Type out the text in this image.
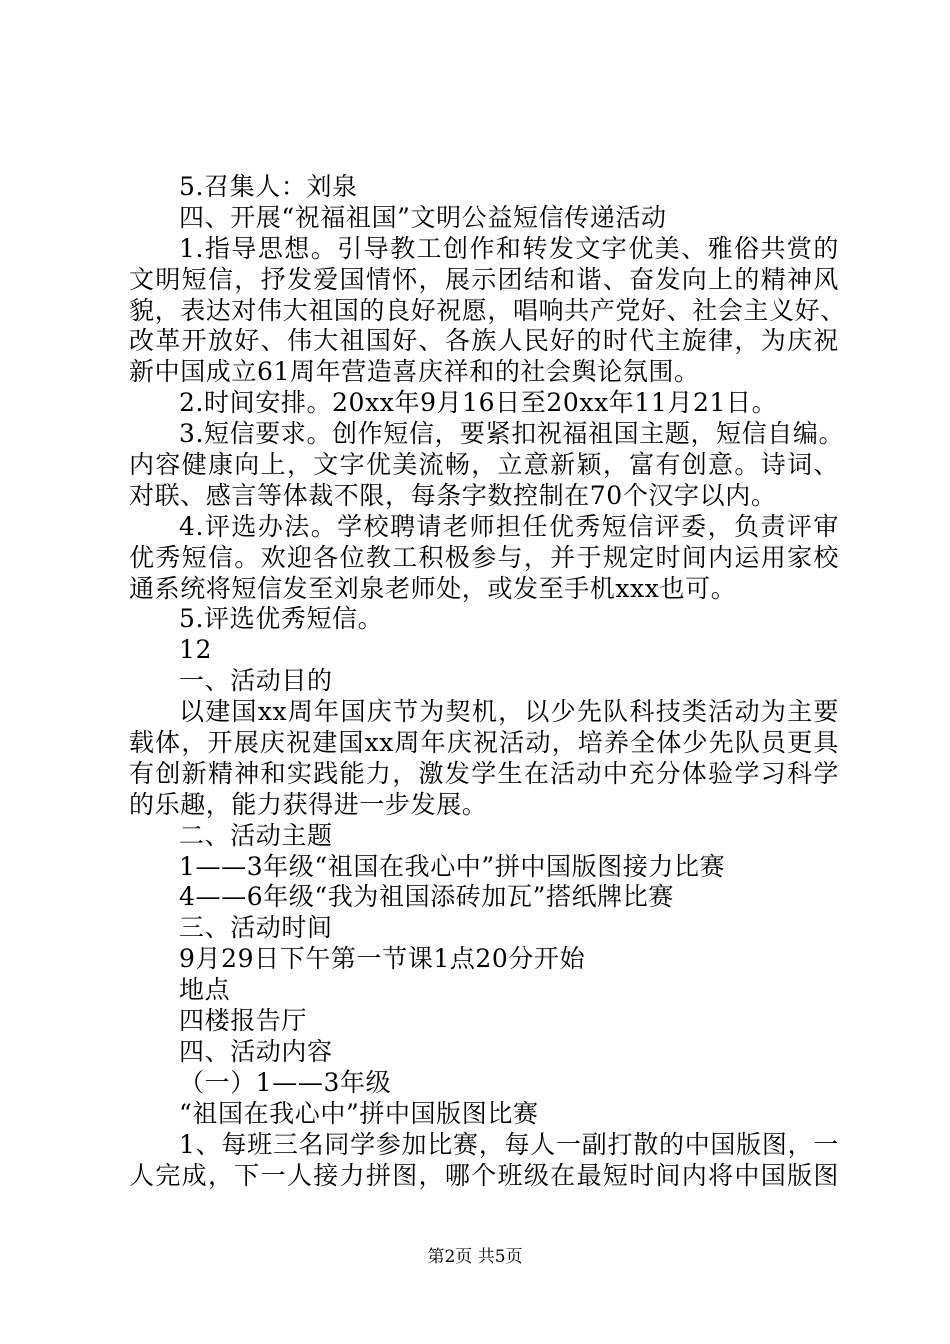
5.召集人：刘泉
四、开展“祝福祖国”文明公益短信传递活动
1.指导思想。引导教工创作和转发文字优美、雅俗共赏的
文明短信，抒发爱国情怀，展示团结和谐、奋发向上的精神风
貌，表达对伟大祖国的良好祝愿，唱响共产党好、社会主义好、
改革开放好、伟大祖国好、各族人民好的时代主旋律，为庆祝
新中国成立61周年营造喜庆祥和的社会舆论氛围。
2.时间安排。20xx年9月16日至20xx年11月21日。
3.短信要求。创作短信，要紧扣祝福祖国主题，短信自编。
内容健康向上，文字优美流畅，立意新颖，富有创意。诗词、
对联、感言等体裁不限，每条字数控制在70个汉字以内。
4.评选办法。学校聘请老师担任优秀短信评委，负责评审
优秀短信。欢迎各位教工积极参与，并于规定时间内运用家校
通系统将短信发至刘泉老师处，或发至手机xxx也可。
5.评选优秀短信。
12
一、活动目的
以建国xx周年国庆节为契机，以少先队科技类活动为主要
载体，开展庆祝建国xx周年庆祝活动，培养全体少先队员更具
有创新精神和实践能力，激发学生在活动中充分体验学习科学
的乐趣，能力获得进一步发展。
二、活动主题
1——3年级“祖国在我心中”拼中国版图接力比赛
4——6年级“我为祖国添砖加瓦”搭纸牌比赛
三、活动时间
9月29日下午第一节课1点20分开始
地点
四楼报告厅
四、活动内容
（一）1——3年级
“祖国在我心中”拼中国版图比赛
1、每班三名同学参加比赛，每人一副打散的中国版图，一
人完成，下一人接力拼图，哪个班级在最短时间内将中国版图
第2页 共5页
